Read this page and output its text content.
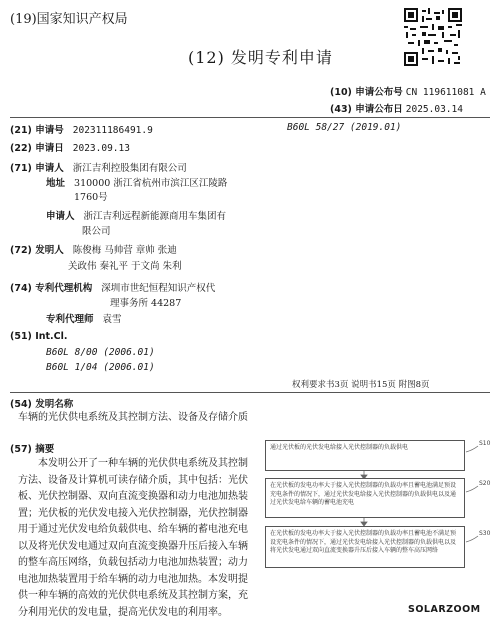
(19)国家知识产权局
(12) 发明专利申请
(10) 申请公布号 CN 119611081 A
(43) 申请公布日 2025.03.14
(21) 申请号 202311186491.9	B60L 58/27 (2019.01)
(22) 申请日 2023.09.13
(71) 申请人 浙江吉利控股集团有限公司
地址 310000 浙江省杭州市滨江区江陵路
1760号
申请人 浙江吉利远程新能源商用车集团有
限公司
(72) 发明人 陈俊梅 马帅营 章帅 张迪
关政伟 秦礼平 于文尚 朱利
(74) 专利代理机构 深圳市世纪恒程知识产权代
理事务所 44287
专利代理师 袁雪
(51) Int.Cl.
B60L 8/00 (2006.01)
B60L 1/04 (2006.01)
权利要求书3页 说明书15页 附图8页
(54) 发明名称
车辆的光伏供电系统及其控制方法、设备及存储介质
(57) 摘要
本发明公开了一种车辆的光伏供电系统及其控制方法、设备及计算机可读存储介质，其中包括：光伏板、光伏控制器、双向直流变换器和动力电池加热装置；光伏板的光伏发电接入光伏控制器，光伏控制器用于通过光伏发电给负载供电、给车辆的蓄电池充电以及将光伏发电通过双向直流变换器升压后接入车辆的整车高压网络，负载包括动力电池加热装置；动力电池加热装置用于给车辆的动力电池加热。本发明提供一种车辆的高效的光伏供电系统及其控制方案，充分利用光伏的发电量，提高光伏发电的利用率。
通过光伏板的光伏发电给接入光伏控制器的负载供电
S10
在光伏板的发电功率大于接入光伏控制器的负载功率且蓄电池满足预设充电条件的情况下，通过光伏发电给接入光伏控制器的负载供电以及通过光伏发电给车辆的蓄电池充电
S20
在光伏板的发电功率大于接入光伏控制器的负载功率且蓄电池不满足预设充电条件的情况下，通过光伏发电给接入光伏控制器的负载供电以及将光伏发电通过双向直流变换器升压后接入车辆的整车高压网络
S30
SOLARZOOM
